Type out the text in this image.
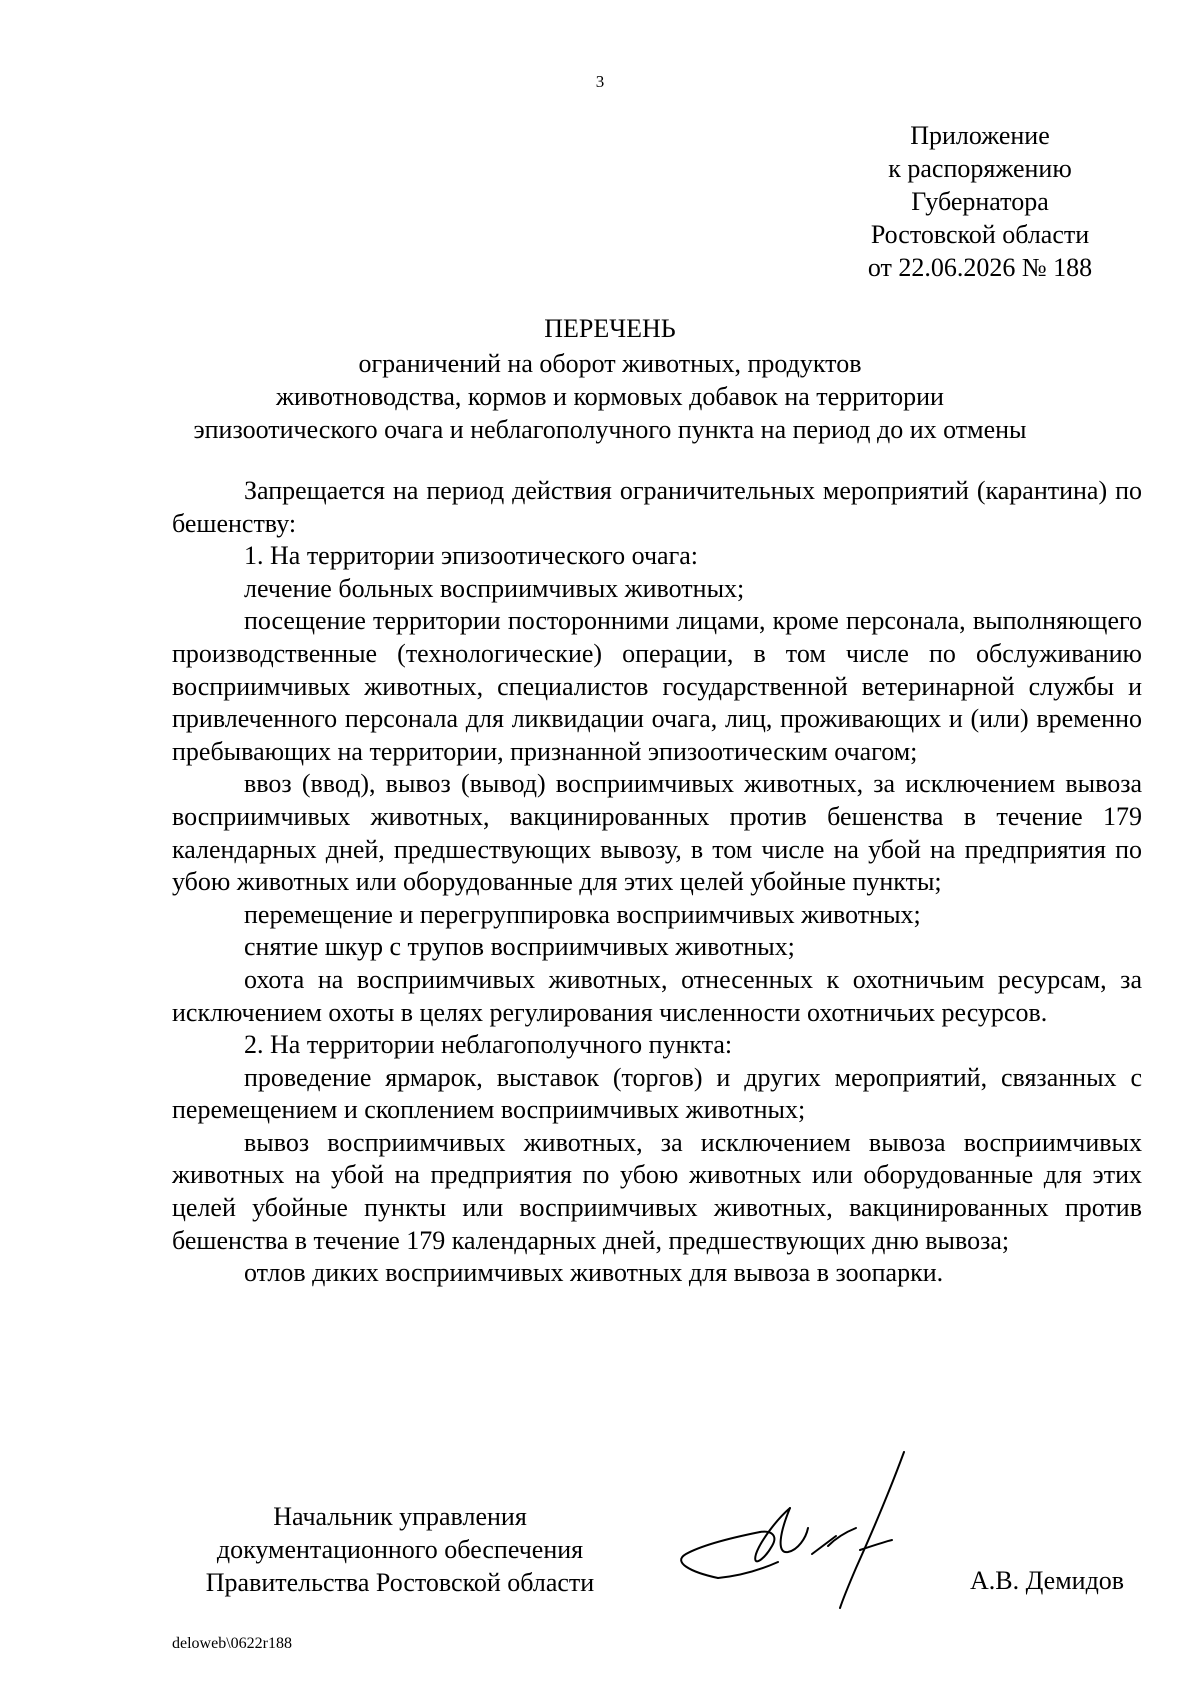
3
Приложение
к распоряжению
Губернатора
Ростовской области
от 22.06.2026 № 188
ПЕРЕЧЕНЬ
ограничений на оборот животных, продуктов
животноводства, кормов и кормовых добавок на территории
эпизоотического очага и неблагополучного пункта на период до их отмены

Запрещается на период действия ограничительных мероприятий (карантина) по бешенству:

1. На территории эпизоотического очага:

лечение больных восприимчивых животных;

посещение территории посторонними лицами, кроме персонала, выполняющего производственные (технологические) операции, в том числе по обслуживанию восприимчивых животных, специалистов государственной ветеринарной службы и привлеченного персонала для ликвидации очага, лиц, проживающих и (или) временно пребывающих на территории, признанной эпизоотическим очагом;

ввоз (ввод), вывоз (вывод) восприимчивых животных, за исключением вывоза восприимчивых животных, вакцинированных против бешенства в течение 179 календарных дней, предшествующих вывозу, в том числе на убой на предприятия по убою животных или оборудованные для этих целей убойные пункты;

перемещение и перегруппировка восприимчивых животных;

снятие шкур с трупов восприимчивых животных;

охота на восприимчивых животных, отнесенных к охотничьим ресурсам, за исключением охоты в целях регулирования численности охотничьих ресурсов.

2. На территории неблагополучного пункта:

проведение ярмарок, выставок (торгов) и других мероприятий, связанных с перемещением и скоплением восприимчивых животных;

вывоз восприимчивых животных, за исключением вывоза восприимчивых животных на убой на предприятия по убою животных или оборудованные для этих целей убойные пункты или восприимчивых животных, вакцинированных против бешенства в течение 179 календарных дней, предшествующих дню вывоза;

отлов диких восприимчивых животных для вывоза в зоопарки.

Начальник управления
документационного обеспечения
Правительства Ростовской области	А.В. Демидов
deloweb\0622r188
